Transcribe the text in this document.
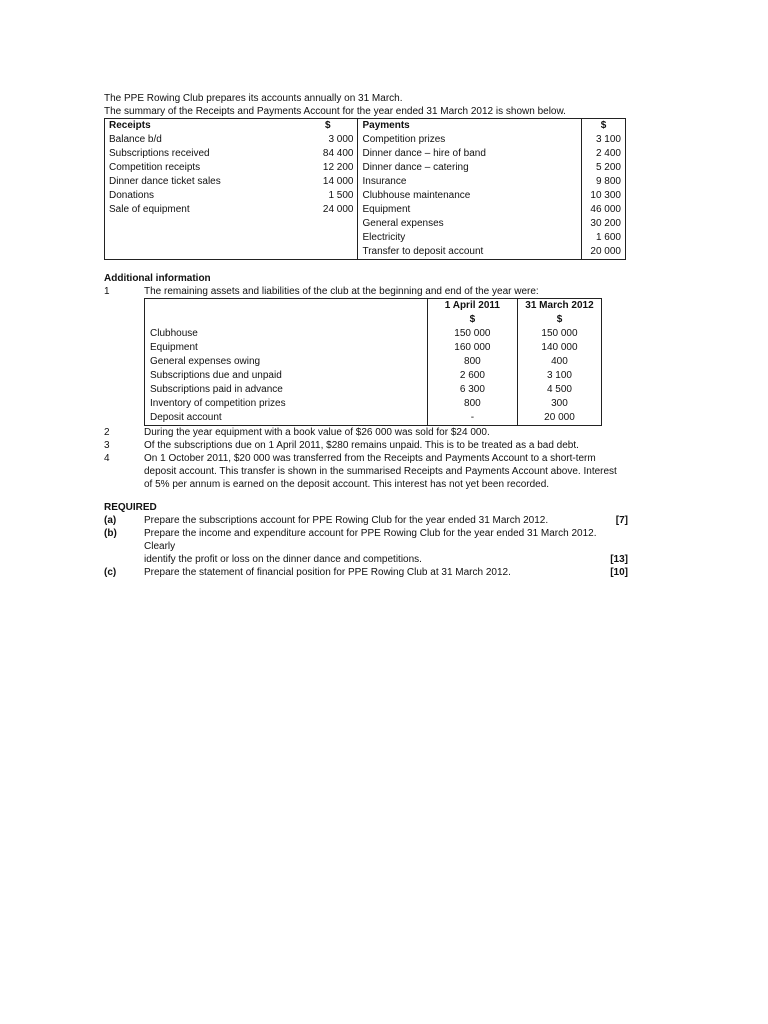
The PPE Rowing Club prepares its accounts annually on 31 March.
The summary of the Receipts and Payments Account for the year ended 31 March 2012 is shown below.
Receipts	$	Payments	$
Balance b/d	3 000	Competition prizes	3 100
Subscriptions received	84 400	Dinner dance – hire of band	2 400
Competition receipts	12 200	Dinner dance – catering	5 200
Dinner dance ticket sales	14 000	Insurance	9 800
Donations	1 500	Clubhouse maintenance	10 300
Sale of equipment	24 000	Equipment	46 000
		General expenses	30 200
		Electricity	1 600
		Transfer to deposit account	20 000
Additional information
1	The remaining assets and liabilities of the club at the beginning and end of the year were:
	1 April 2011	31 March 2012
	$	$
Clubhouse	150 000	150 000
Equipment	160 000	140 000
General expenses owing	800	400
Subscriptions due and unpaid	2 600	3 100
Subscriptions paid in advance	6 300	4 500
Inventory of competition prizes	800	300
Deposit account	-	20 000
2	During the year equipment with a book value of $26 000 was sold for $24 000.
3	Of the subscriptions due on 1 April 2011, $280 remains unpaid. This is to be treated as a bad debt.
4	On 1 October 2011, $20 000 was transferred from the Receipts and Payments Account to a short-term
deposit account. This transfer is shown in the summarised Receipts and Payments Account above. Interest
of 5% per annum is earned on the deposit account. This interest has not yet been recorded.
REQUIRED
(a)	Prepare the subscriptions account for PPE Rowing Club for the year ended 31 March 2012.	[7]
(b)	Prepare the income and expenditure account for PPE Rowing Club for the year ended 31 March 2012. Clearly
identify the profit or loss on the dinner dance and competitions.	[13]
(c)	Prepare the statement of financial position for PPE Rowing Club at 31 March 2012.	[10]
